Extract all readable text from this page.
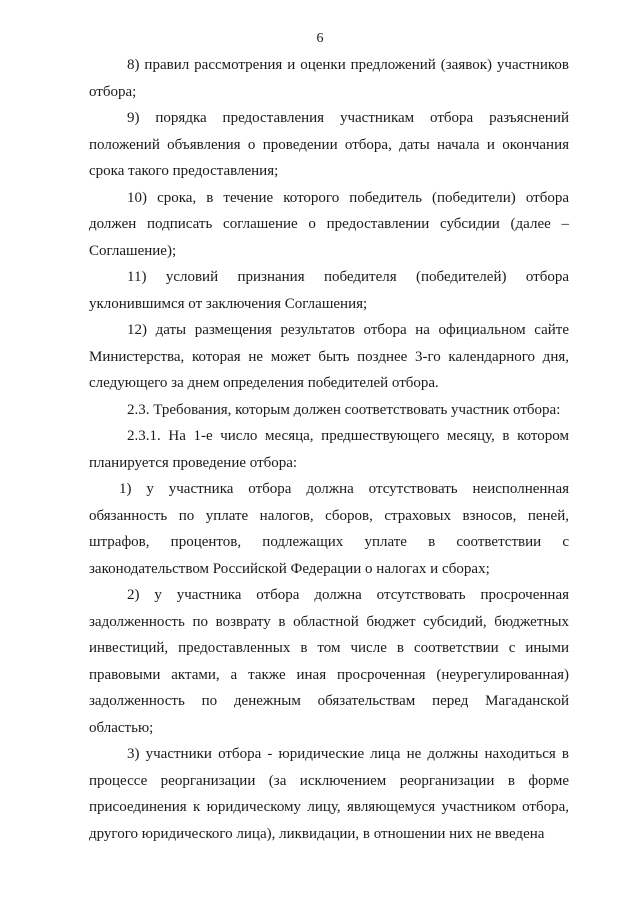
6

8) правил рассмотрения и оценки предложений (заявок) участников отбора;

9) порядка предоставления участникам отбора разъяснений положений объявления о проведении отбора, даты начала и окончания срока такого предоставления;

10) срока, в течение которого победитель (победители) отбора должен подписать соглашение о предоставлении субсидии (далее – Соглашение);

11) условий признания победителя (победителей) отбора уклонившимся от заключения Соглашения;

12) даты размещения результатов отбора на официальном сайте Министерства, которая не может быть позднее 3-го календарного дня, следующего за днем определения победителей отбора.

2.3. Требования, которым должен соответствовать участник отбора:

2.3.1. На 1-е число месяца, предшествующего месяцу, в котором планируется проведение отбора:

1) у участника отбора должна отсутствовать неисполненная обязанность по уплате налогов, сборов, страховых взносов, пеней, штрафов, процентов, подлежащих уплате в соответствии с законодательством Российской Федерации о налогах и сборах;

2) у участника отбора должна отсутствовать просроченная задолженность по возврату в областной бюджет субсидий, бюджетных инвестиций, предоставленных в том числе в соответствии с иными правовыми актами, а также иная просроченная (неурегулированная) задолженность по денежным обязательствам перед Магаданской областью;

3) участники отбора - юридические лица не должны находиться в процессе реорганизации (за исключением реорганизации в форме присоединения к юридическому лицу, являющемуся участником отбора, другого юридического лица), ликвидации, в отношении них не введена
